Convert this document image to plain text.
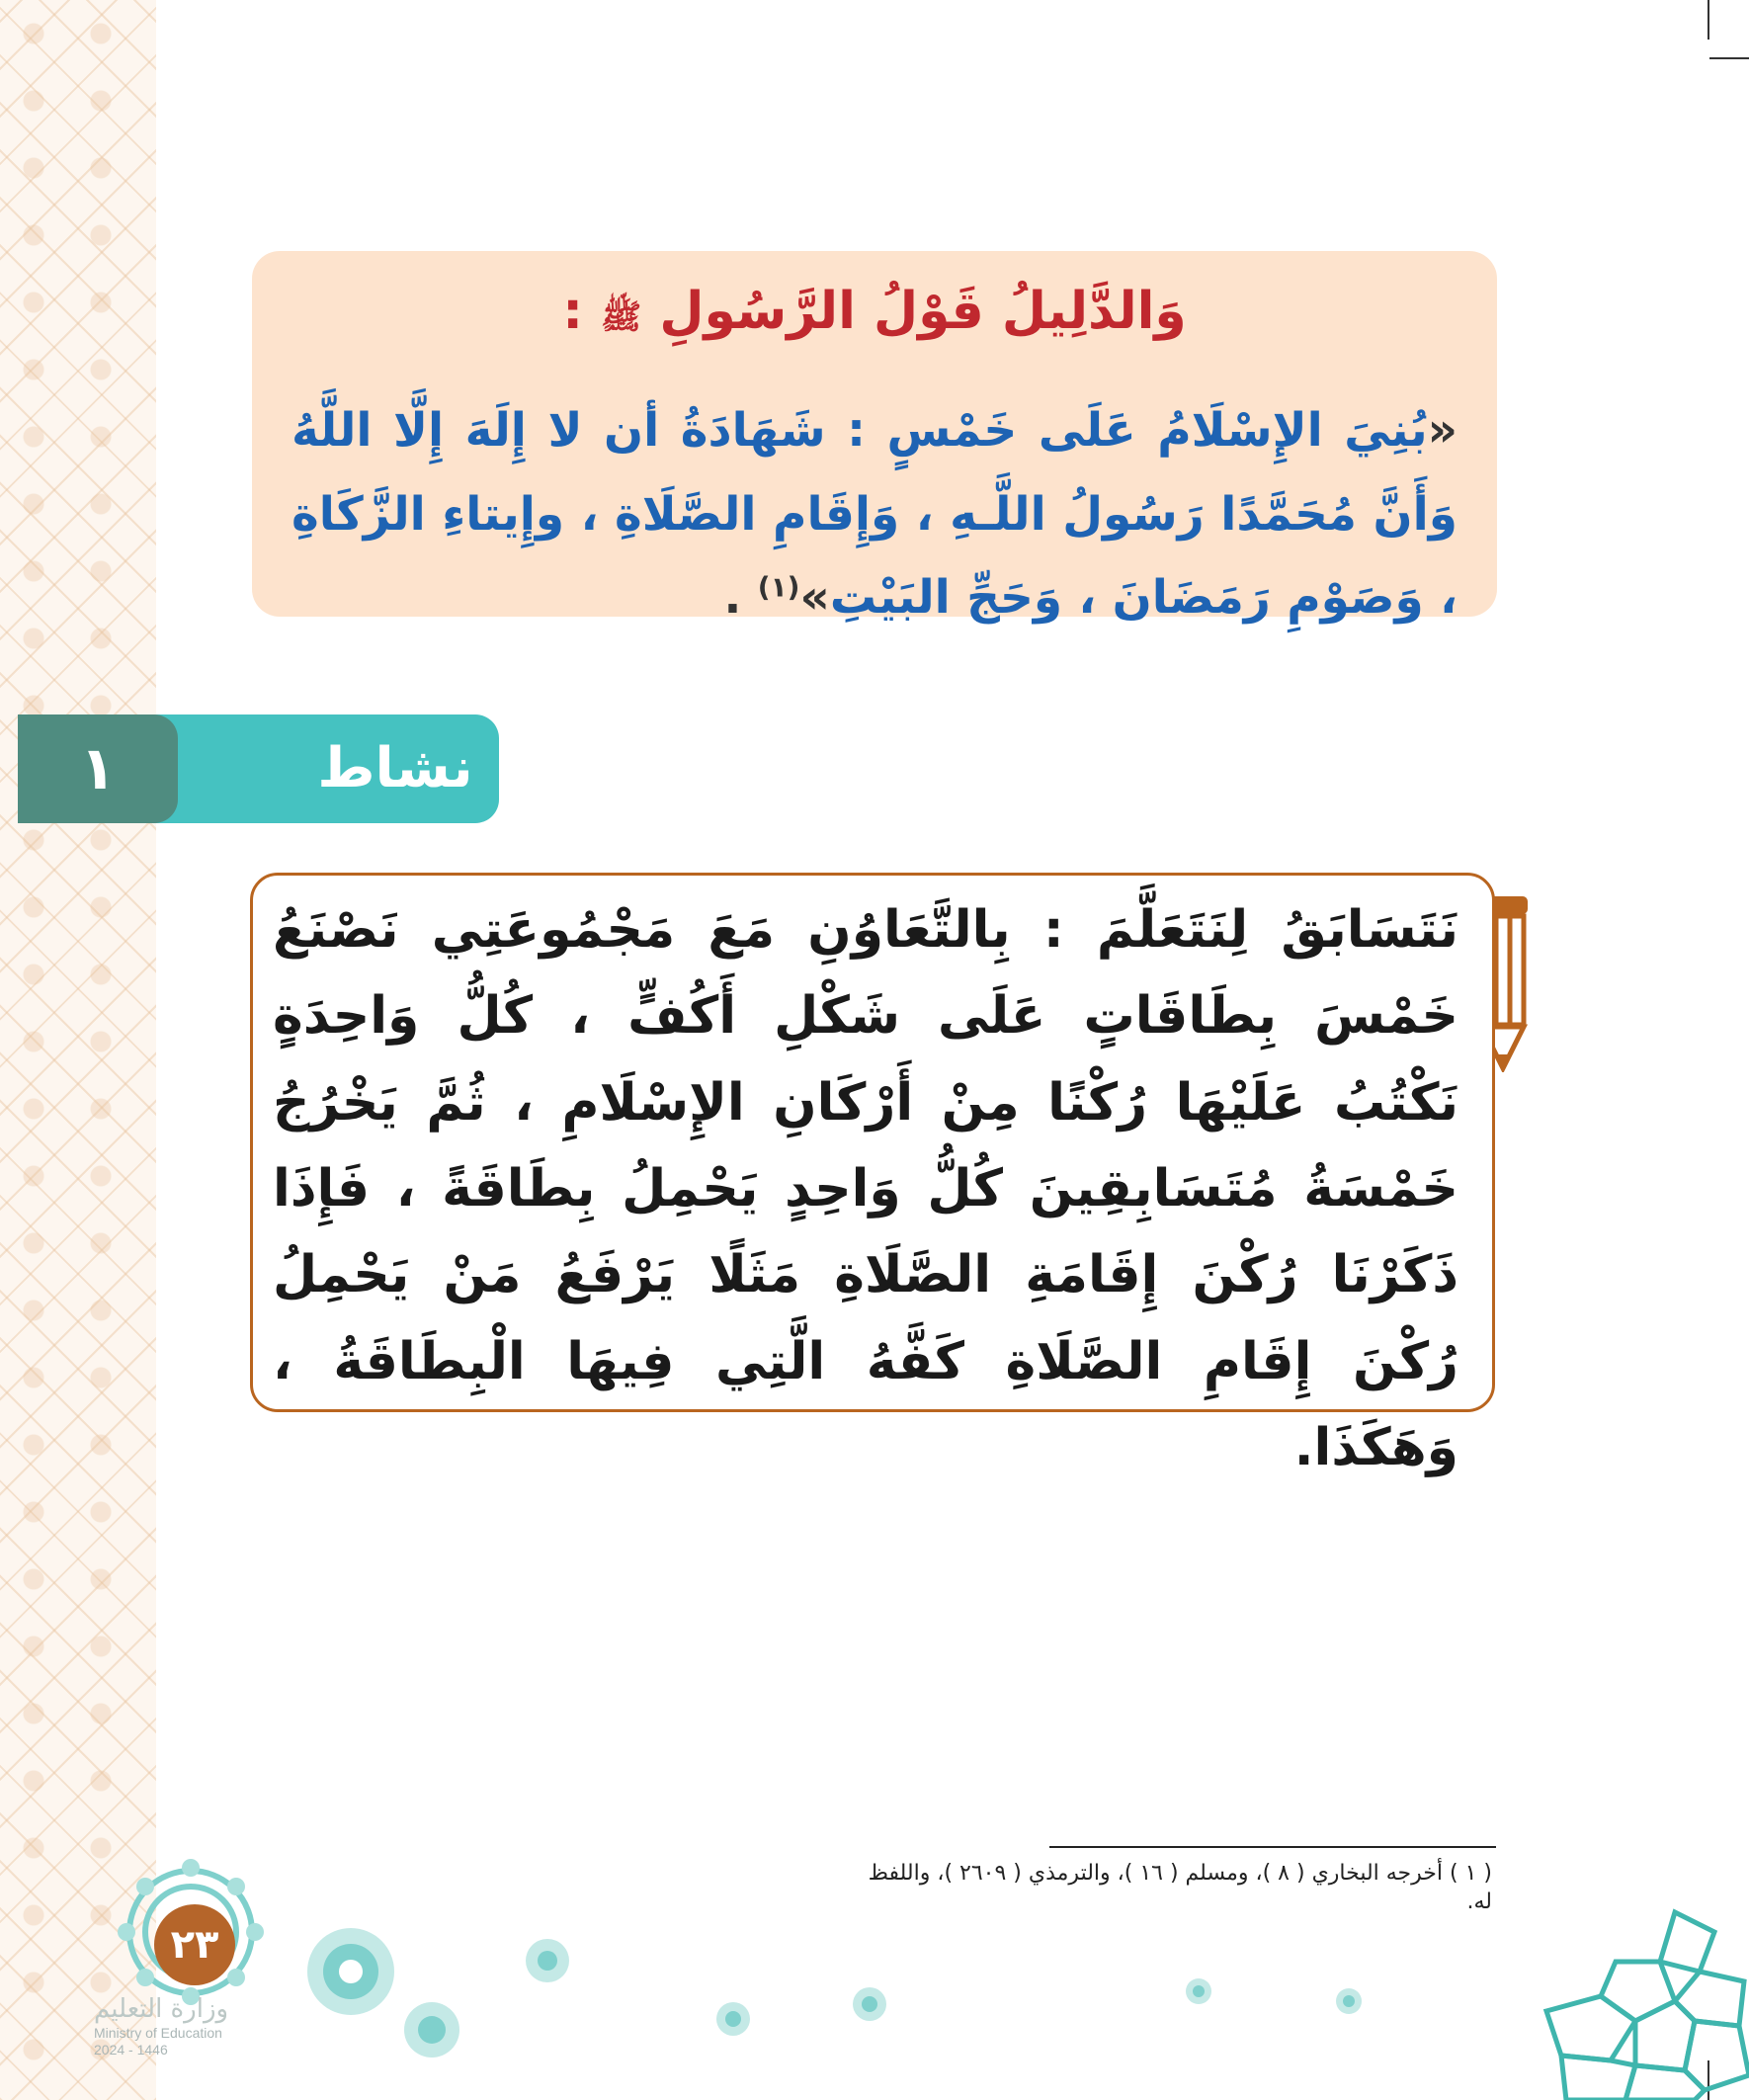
وَالدَّلِيلُ قَوْلُ الرَّسُولِ ﷺ :
«بُنِيَ الإِسْلَامُ عَلَى خَمْسٍ : شَهَادَةُ أن لا إِلَهَ إِلَّا اللَّهُ وَأَنَّ مُحَمَّدًا رَسُولُ اللَّـهِ ، وَإِقَامِ الصَّلَاةِ ، وإِيتاءِ الزَّكَاةِ ، وَصَوْمِ رَمَضَانَ ، وَحَجِّ البَيْتِ»$^{(١)}$ .
١	نشاط
نَتَسَابَقُ لِنَتَعَلَّمَ : بِالتَّعَاوُنِ مَعَ مَجْمُوعَتِي نَصْنَعُ خَمْسَ بِطَاقَاتٍ عَلَى شَكْلِ أَكُفٍّ ، كُلُّ وَاحِدَةٍ نَكْتُبُ عَلَيْهَا رُكْنًا مِنْ أَرْكَانِ الإِسْلَامِ ، ثُمَّ يَخْرُجُ خَمْسَةُ مُتَسَابِقِينَ كُلُّ وَاحِدٍ يَحْمِلُ بِطَاقَةً ، فَإِذَا ذَكَرْنَا رُكْنَ إِقَامَةِ الصَّلَاةِ مَثَلًا يَرْفَعُ مَنْ يَحْمِلُ رُكْنَ إِقَامِ الصَّلَاةِ كَفَّهُ الَّتِي فِيهَا الْبِطَاقَةُ ، وَهَكَذَا.
( ١ ) أخرجه البخاري ( ٨ )، ومسلم ( ١٦ )، والترمذي ( ٢٦٠٩ )، واللفظ له.
٢٣
وزارة التعليم
Ministry of Education
2024 - 1446
